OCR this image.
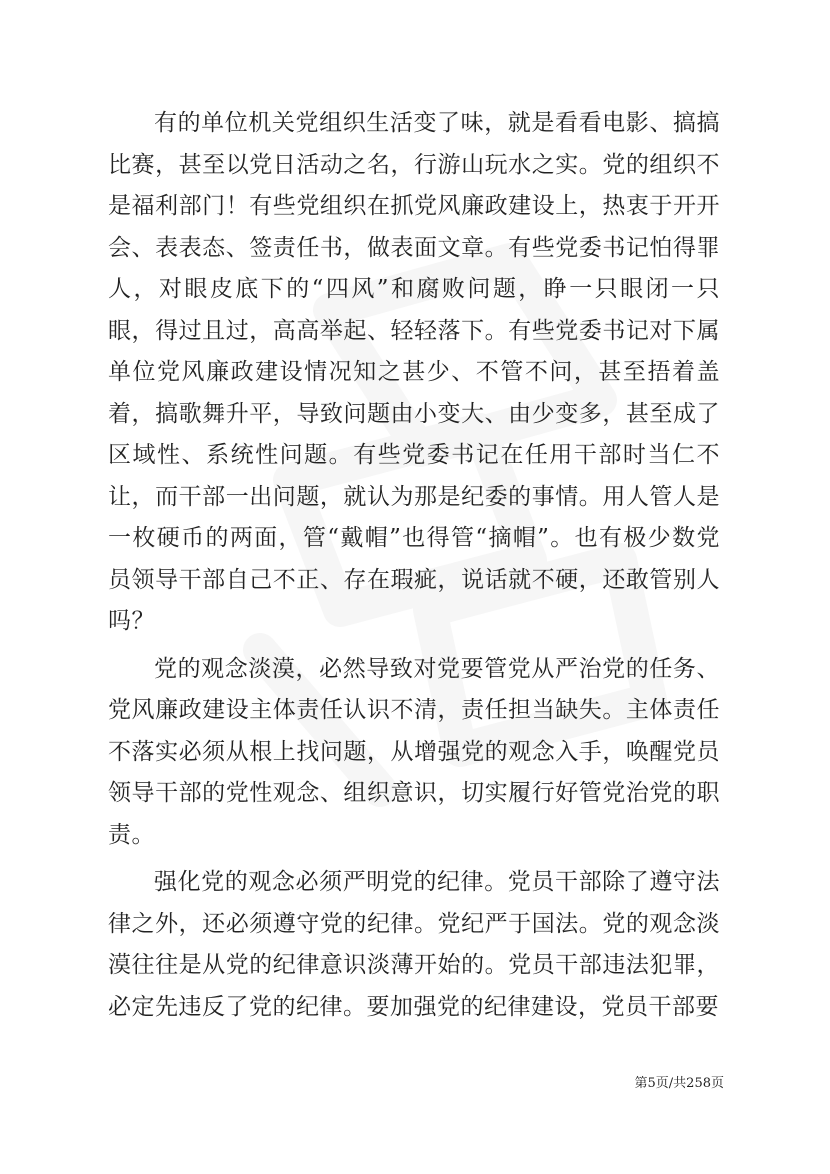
有的单位机关党组织生活变了味，就是看看电影、搞搞比赛，甚至以党日活动之名，行游山玩水之实。党的组织不是福利部门！有些党组织在抓党风廉政建设上，热衷于开开会、表表态、签责任书，做表面文章。有些党委书记怕得罪人，对眼皮底下的“四风”和腐败问题，睁一只眼闭一只眼，得过且过，高高举起、轻轻落下。有些党委书记对下属单位党风廉政建设情况知之甚少、不管不问，甚至捂着盖着，搞歌舞升平，导致问题由小变大、由少变多，甚至成了区域性、系统性问题。有些党委书记在任用干部时当仁不让，而干部一出问题，就认为那是纪委的事情。用人管人是一枚硬币的两面，管“戴帽”也得管“摘帽”。也有极少数党员领导干部自己不正、存在瑕疵，说话就不硬，还敢管别人吗？

党的观念淡漠，必然导致对党要管党从严治党的任务、党风廉政建设主体责任认识不清，责任担当缺失。主体责任不落实必须从根上找问题，从增强党的观念入手，唤醒党员领导干部的党性观念、组织意识，切实履行好管党治党的职责。

强化党的观念必须严明党的纪律。党员干部除了遵守法律之外，还必须遵守党的纪律。党纪严于国法。党的观念淡漠往往是从党的纪律意识淡薄开始的。党员干部违法犯罪，必定先违反了党的纪律。要加强党的纪律建设，党员干部要

第5页/共258页
